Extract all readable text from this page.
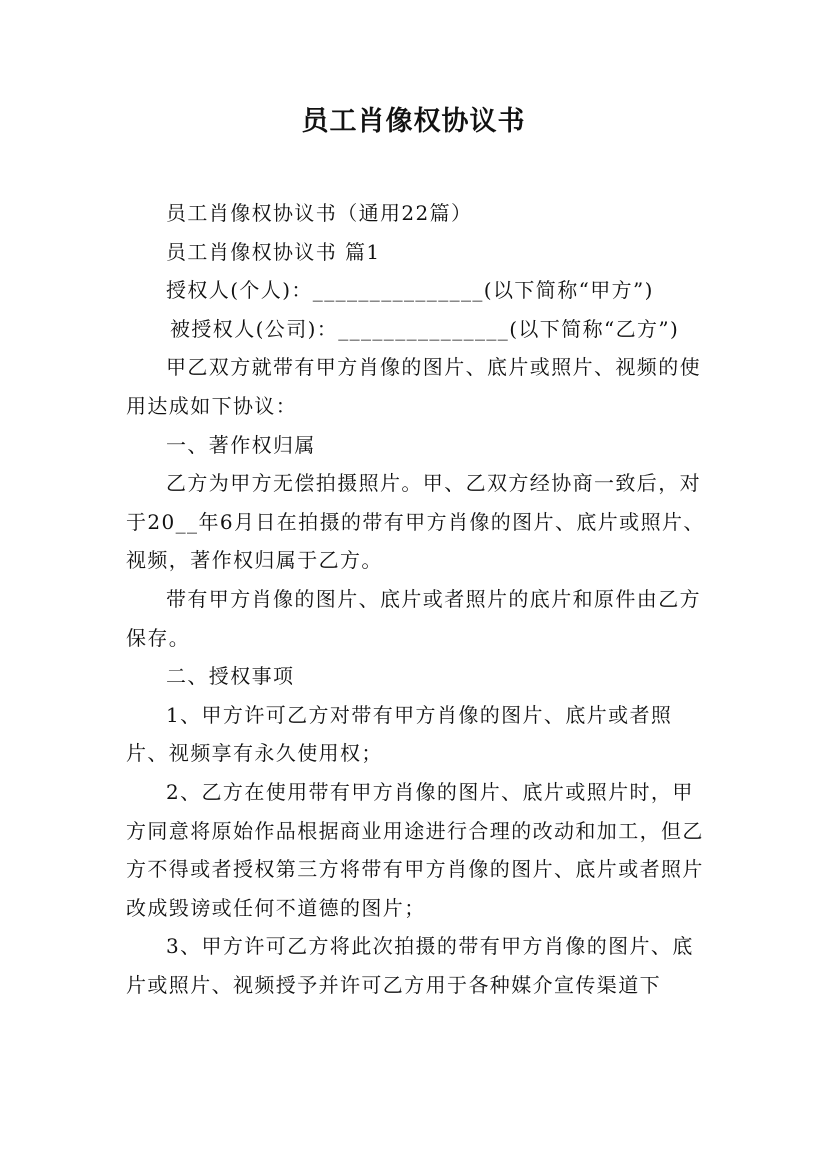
员工肖像权协议书

员工肖像权协议书（通用22篇）

员工肖像权协议书 篇1

授权人(个人)：_______________(以下简称“甲方”)

被授权人(公司)：_______________(以下简称“乙方”)

甲乙双方就带有甲方肖像的图片、底片或照片、视频的使用达成如下协议：

一、著作权归属

乙方为甲方无偿拍摄照片。甲、乙双方经协商一致后，对于20__年6月日在拍摄的带有甲方肖像的图片、底片或照片、视频，著作权归属于乙方。

带有甲方肖像的图片、底片或者照片的底片和原件由乙方保存。

二、授权事项

1、甲方许可乙方对带有甲方肖像的图片、底片或者照片、视频享有永久使用权；

2、乙方在使用带有甲方肖像的图片、底片或照片时，甲方同意将原始作品根据商业用途进行合理的改动和加工，但乙方不得或者授权第三方将带有甲方肖像的图片、底片或者照片改成毁谤或任何不道德的图片；

3、甲方许可乙方将此次拍摄的带有甲方肖像的图片、底片或照片、视频授予并许可乙方用于各种媒介宣传渠道下
